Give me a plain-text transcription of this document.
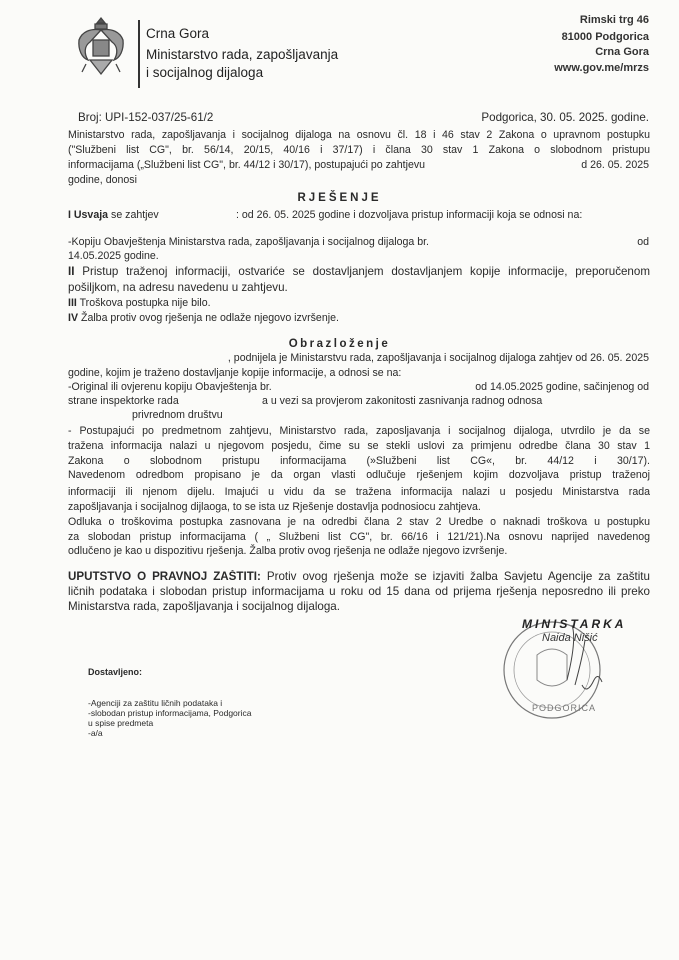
Crna Gora
Ministarstvo rada, zapošljavanja
i socijalnog dijaloga
Rimski trg 46
81000 Podgorica
Crna Gora
www.gov.me/mrzs
Broj: UPI-152-037/25-61/2	Podgorica, 30. 05. 2025. godine.
Ministarstvo rada, zapošljavanja i socijalnog dijaloga na osnovu čl. 18 i 46 stav 2 Zakona o upravnom postupku
("Službeni list CG", br. 56/14, 20/15, 40/16 i 37/17) i člana 30 stav 1 Zakona o slobodnom pristupu
informacijama („Službeni list CG", br. 44/12 i 30/17), postupajući po zahtjevu	d 26. 05. 2025
godine, donosi
RJEŠENJE
I Usvaja se zahtjev	: od 26. 05. 2025 godine i dozvoljava pristup informaciji koja se odnosi na:
-Kopiju Obavještenja Ministarstva rada, zapošljavanja i socijalnog dijaloga br.	od
14.05.2025 godine.
II Pristup traženoj informaciji, ostvariće se dostavljanjem dostavljanjem kopije informacije, preporučenom
pošiljkom, na adresu navedenu u zahtjevu.
III Troškova postupka nije bilo.
IV Žalba protiv ovog rješenja ne odlaže njegovo izvršenje.
Obrazloženje
, podnijela je Ministarstvu rada, zapošljavanja i socijalnog dijaloga zahtjev od 26. 05. 2025
godine, kojim je traženo dostavljanje kopije informacije, a odnosi se na:
-Original ili ovjerenu kopiju Obavještenja br.	od 14.05.2025 godine, sačinjenog od
strane inspektorke rada	a u vezi sa provjerom zakonitosti zasnivanja radnog odnosa
privrednom društvu
- Postupajući po predmetnom zahtjevu, Ministarstvo rada, zaposljavanja i socijalnog dijaloga, utvrdilo je da se
tražena informacija nalazi u njegovom posjedu, čime su se stekli uslovi za primjenu odredbe člana 30 stav 1
Zakona o slobodnom pristupu informacijama (»Službeni list CG«, br. 44/12 i 30/17).
Navedenom odredbom propisano je da organ vlasti odlučuje rješenjem kojim dozvoljava pristup traženoj
informaciji ili njenom dijelu. Imajući u vidu da se tražena informacija nalazi u posjedu Ministarstva rada
zapošljavanja i socijalnog dijlaoga, to se ista uz Rješenje dostavlja podnosiocu zahtjeva.
Odluka o troškovima postupka zasnovana je na odredbi člana 2 stav 2 Uredbe o naknadi troškova u postupku
za slobodan pristup informacijama ( „ Službeni list CG", br. 66/16 i 121/21).Na osnovu naprijed navedenog
odlučeno je kao u dispozitivu rješenja. Žalba protiv ovog rješenja ne odlaže njegovo izvršenje.
UPUTSTVO O PRAVNOJ ZAŠTITI: Protiv ovog rješenja može se izjaviti žalba Savjetu Agencije za zaštitu
ličnih podataka i slobodan pristup informacijama u roku od 15 dana od prijema rješenja neposredno ili preko
Ministarstva rada, zapošljavanja i socijalnog dijaloga.
PODGORICA
MINISTARKA
Naida Nišić
Dostavljeno:
-Agenciji za zaštitu ličnih podataka i
-slobodan pristup informacijama, Podgorica
u spise predmeta
-a/a
